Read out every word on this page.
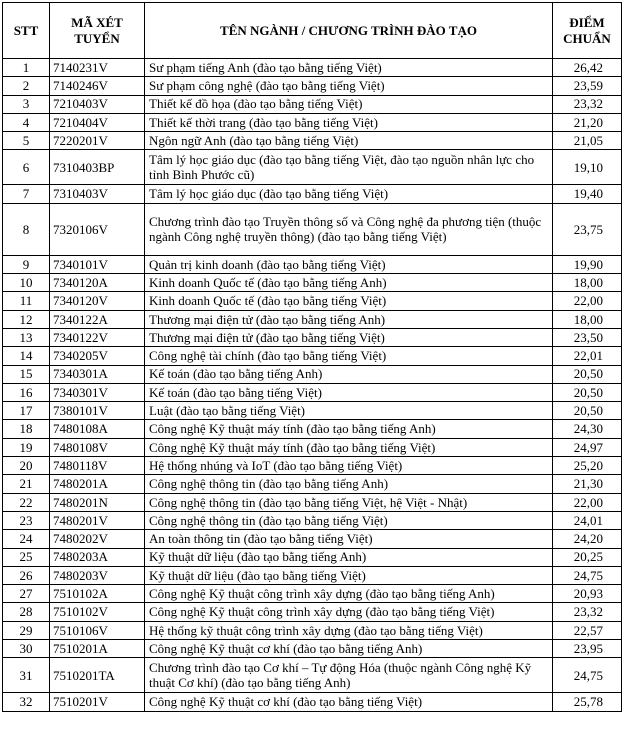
STT	MÃ XÉT TUYỂN	TÊN NGÀNH / CHƯƠNG TRÌNH ĐÀO TẠO	ĐIỂM CHUẨN
1	7140231V	Sư phạm tiếng Anh (đào tạo bằng tiếng Việt)	26,42
2	7140246V	Sư phạm công nghệ (đào tạo bằng tiếng Việt)	23,59
3	7210403V	Thiết kế đồ họa (đào tạo bằng tiếng Việt)	23,32
4	7210404V	Thiết kế thời trang (đào tạo bằng tiếng Việt)	21,20
5	7220201V	Ngôn ngữ Anh (đào tạo bằng tiếng Việt)	21,05
6	7310403BP	Tâm lý học giáo dục (đào tạo bằng tiếng Việt, đào tạo nguồn nhân lực cho tỉnh Bình Phước cũ)	19,10
7	7310403V	Tâm lý học giáo dục (đào tạo bằng tiếng Việt)	19,40
8	7320106V	Chương trình đào tạo Truyền thông số và Công nghệ đa phương tiện (thuộc ngành Công nghệ truyền thông) (đào tạo bằng tiếng Việt)	23,75
9	7340101V	Quản trị kinh doanh (đào tạo bằng tiếng Việt)	19,90
10	7340120A	Kinh doanh Quốc tế (đào tạo bằng tiếng Anh)	18,00
11	7340120V	Kinh doanh Quốc tế (đào tạo bằng tiếng Việt)	22,00
12	7340122A	Thương mại điện tử (đào tạo bằng tiếng Anh)	18,00
13	7340122V	Thương mại điện tử (đào tạo bằng tiếng Việt)	23,50
14	7340205V	Công nghệ tài chính (đào tạo bằng tiếng Việt)	22,01
15	7340301A	Kế toán (đào tạo bằng tiếng Anh)	20,50
16	7340301V	Kế toán (đào tạo bằng tiếng Việt)	20,50
17	7380101V	Luật (đào tạo bằng tiếng Việt)	20,50
18	7480108A	Công nghệ Kỹ thuật máy tính (đào tạo bằng tiếng Anh)	24,30
19	7480108V	Công nghệ Kỹ thuật máy tính (đào tạo bằng tiếng Việt)	24,97
20	7480118V	Hệ thống nhúng và IoT (đào tạo bằng tiếng Việt)	25,20
21	7480201A	Công nghệ thông tin (đào tạo bằng tiếng Anh)	21,30
22	7480201N	Công nghệ thông tin (đào tạo bằng tiếng Việt, hệ Việt - Nhật)	22,00
23	7480201V	Công nghệ thông tin (đào tạo bằng tiếng Việt)	24,01
24	7480202V	An toàn thông tin (đào tạo bằng tiếng Việt)	24,20
25	7480203A	Kỹ thuật dữ liệu (đào tạo bằng tiếng Anh)	20,25
26	7480203V	Kỹ thuật dữ liệu (đào tạo bằng tiếng Việt)	24,75
27	7510102A	Công nghệ Kỹ thuật công trình xây dựng (đào tạo bằng tiếng Anh)	20,93
28	7510102V	Công nghệ Kỹ thuật công trình xây dựng (đào tạo bằng tiếng Việt)	23,32
29	7510106V	Hệ thống kỹ thuật công trình xây dựng (đào tạo bằng tiếng Việt)	22,57
30	7510201A	Công nghệ Kỹ thuật cơ khí (đào tạo bằng tiếng Anh)	23,95
31	7510201TA	Chương trình đào tạo Cơ khí – Tự động Hóa (thuộc ngành Công nghệ Kỹ thuật Cơ khí) (đào tạo bằng tiếng Anh)	24,75
32	7510201V	Công nghệ Kỹ thuật cơ khí (đào tạo bằng tiếng Việt)	25,78
